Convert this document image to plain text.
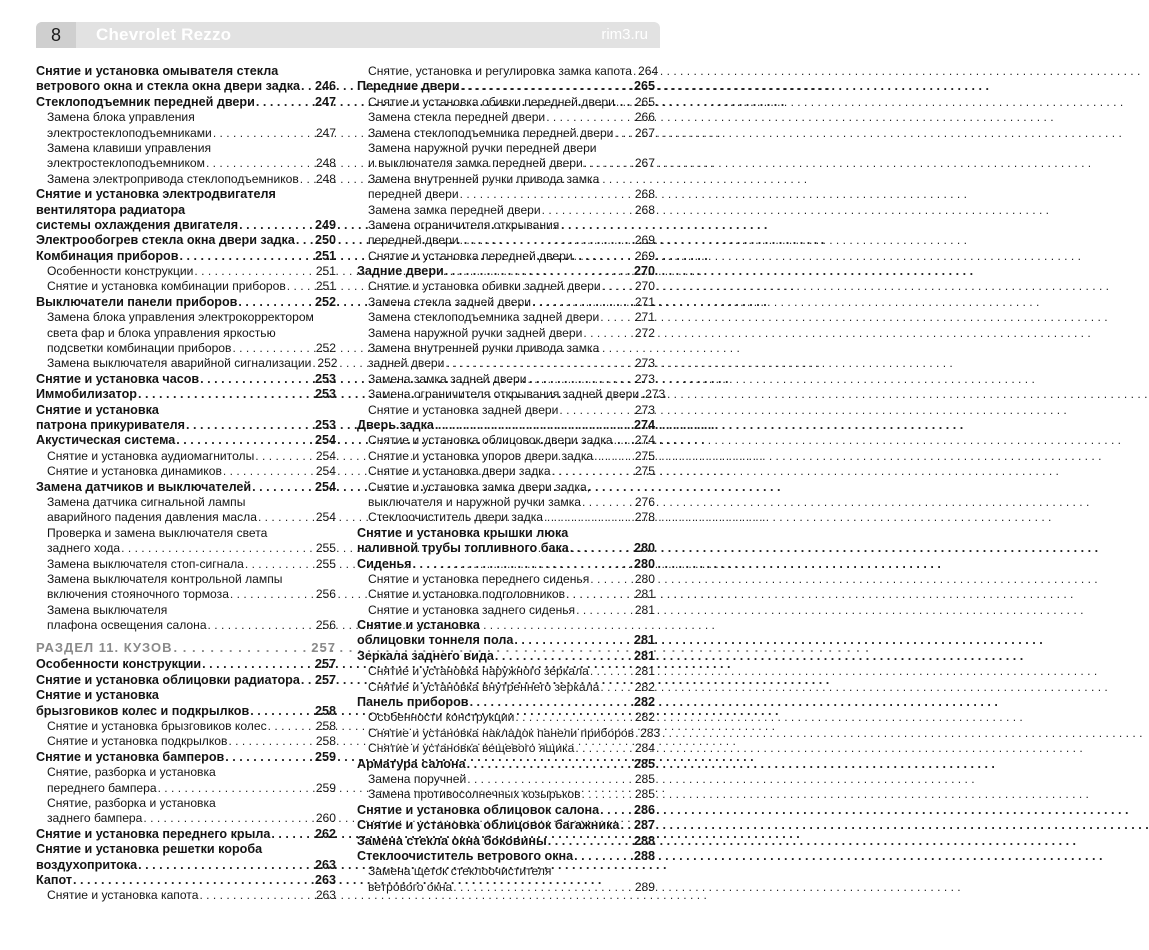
8	Chevrolet Rezzo	rim3.ru
Снятие и установка омывателя стекла
ветрового окна и стекла окна двери задка . . . 246
Стеклоподъемник передней двери . . .	247
Замена блока управления
электростеклоподъемниками . . .	247
Замена клавиши управления
электростеклоподъемником . . .	248
Замена электропривода стеклоподъемников . . . 248
Снятие и установка электродвигателя
вентилятора радиатора
системы охлаждения двигателя . . .	249
Электрообогрев стекла окна двери задка . . . 250
Комбинация приборов . . .	251
Особенности конструкции . . .	251
Снятие и установка комбинации приборов . . . 251
Выключатели панели приборов . . .	252
Замена блока управления электрокорректором
света фар и блока управления яркостью
подсветки комбинации приборов . . .	252
Замена выключателя аварийной сигнализации . . . 252
Снятие и установка часов . . .	253
Иммобилизатор . . .	253
Снятие и установка
патрона прикуривателя . . .	253
Акустическая система . . .	254
Снятие и установка аудиомагнитолы . . .	254
Снятие и установка динамиков . . .	254
Замена датчиков и выключателей . . .	254
Замена датчика сигнальной лампы
аварийного падения давления масла . . .	254
Проверка и замена выключателя света
заднего хода . . .	255
Замена выключателя стоп-сигнала . . .	255
Замена выключателя контрольной лампы
включения стояночного тормоза . . .	256
Замена выключателя
плафона освещения салона . . .	256
РАЗДЕЛ 11. КУЗОВ . . .	257
Особенности конструкции . . .	257
Снятие и установка облицовки радиатора . . . 257
Снятие и установка
брызговиков колес и подкрылков . . .	258
Снятие и установка брызговиков колес . . .	258
Снятие и установка подкрылков . . .	258
Снятие и установка бамперов . . .	259
Снятие, разборка и установка
переднего бампера . . .	259
Снятие, разборка и установка
заднего бампера . . .	260
Снятие и установка переднего крыла . . .	262
Снятие и установка решетки короба
воздухопритока . . .	263
Капот . . .	263
Снятие и установка капота . . .	263
Снятие, установка и регулировка замка капота . . . 264
Передние двери . . .	265
Снятие и установка обивки передней двери . . . 265
Замена стекла передней двери . . .	266
Замена стеклоподъемника передней двери . . . 267
Замена наружной ручки передней двери
и выключателя замка передней двери . . .	267
Замена внутренней ручки привода замка
передней двери . . .	268
Замена замка передней двери . . .	268
Замена ограничителя открывания
передней двери . . .	269
Снятие и установка передней двери . . .	269
Задние двери . . .	270
Снятие и установка обивки задней двери . . .	270
Замена стекла задней двери . . .	271
Замена стеклоподъемника задней двери . . .	271
Замена наружной ручки задней двери . . .	272
Замена внутренней ручки привода замка
задней двери . . .	273
Замена замка задней двери . . .	273
Замена ограничителя открывания задней двери . . . 273
Снятие и установка задней двери . . .	273
Дверь задка . . .	274
Снятие и установка облицовок двери задка . . . 274
Снятие и установка упоров двери задка . . .	275
Снятие и установка двери задка . . .	275
Снятие и установка замка двери задка,
выключателя и наружной ручки замка . . .	276
Стеклоочиститель двери задка . . .	278
Снятие и установка крышки люка
наливной трубы топливного бака . . .	280
Сиденья . . .	280
Снятие и установка переднего сиденья . . .	280
Снятие и установка подголовников . . .	281
Снятие и установка заднего сиденья . . .	281
Снятие и установка
облицовки тоннеля пола . . .	281
Зеркала заднего вида . . .	281
Снятие и установка наружного зеркала . . .	281
Снятие и установка внутреннего зеркала . . .	282
Панель приборов . . .	282
Особенности конструкции . . .	282
Снятие и установка накладок панели приборов . . . 283
Снятие и установка вещевого ящика . . .	284
Арматура салона . . .	285
Замена поручней . . .	285
Замена противосолнечных козырьков . . .	285
Снятие и установка облицовок салона . . .	286
Снятие и установка облицовок багажника . . . 287
Замена стекла окна боковины . . .	288
Стеклоочиститель ветрового окна . . .	288
Замена щеток стеклоочистителя
ветрового окна . . .	289
